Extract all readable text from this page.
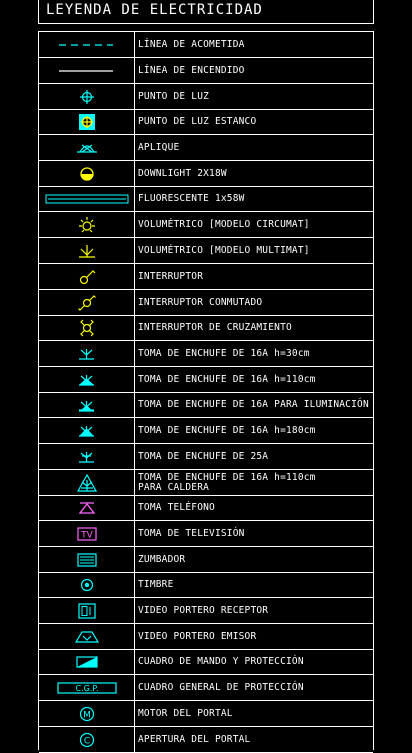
LEYENDA DE ELECTRICIDAD
LÍNEA DE ACOMETIDA
LÍNEA DE ENCENDIDO
PUNTO DE LUZ
PUNTO DE LUZ ESTANCO
APLIQUE
DOWNLIGHT 2X18W
FLUORESCENTE 1x58W
VOLUMÉTRICO [MODELO CIRCUMAT]
VOLUMÉTRICO [MODELO MULTIMAT]
INTERRUPTOR
INTERRUPTOR CONMUTADO
INTERRUPTOR DE CRUZAMIENTO
TOMA DE ENCHUFE DE 16A h=30cm
TOMA DE ENCHUFE DE 16A h=110cm
TOMA DE ENCHUFE DE 16A PARA ILUMINACIÓN
TOMA DE ENCHUFE DE 16A h=180cm
TOMA DE ENCHUFE DE 25A
TOMA DE ENCHUFE DE 16A h=110cm
PARA CALDERA
TOMA TELÉFONO
TV	TOMA DE TELEVISIÓN
ZUMBADOR
TIMBRE
VIDEO PORTERO RECEPTOR
VIDEO PORTERO EMISOR
CUADRO DE MANDO Y PROTECCIÓN
C.G.P.	CUADRO GENERAL DE PROTECCIÓN
M	MOTOR DEL PORTAL
C	APERTURA DEL PORTAL
